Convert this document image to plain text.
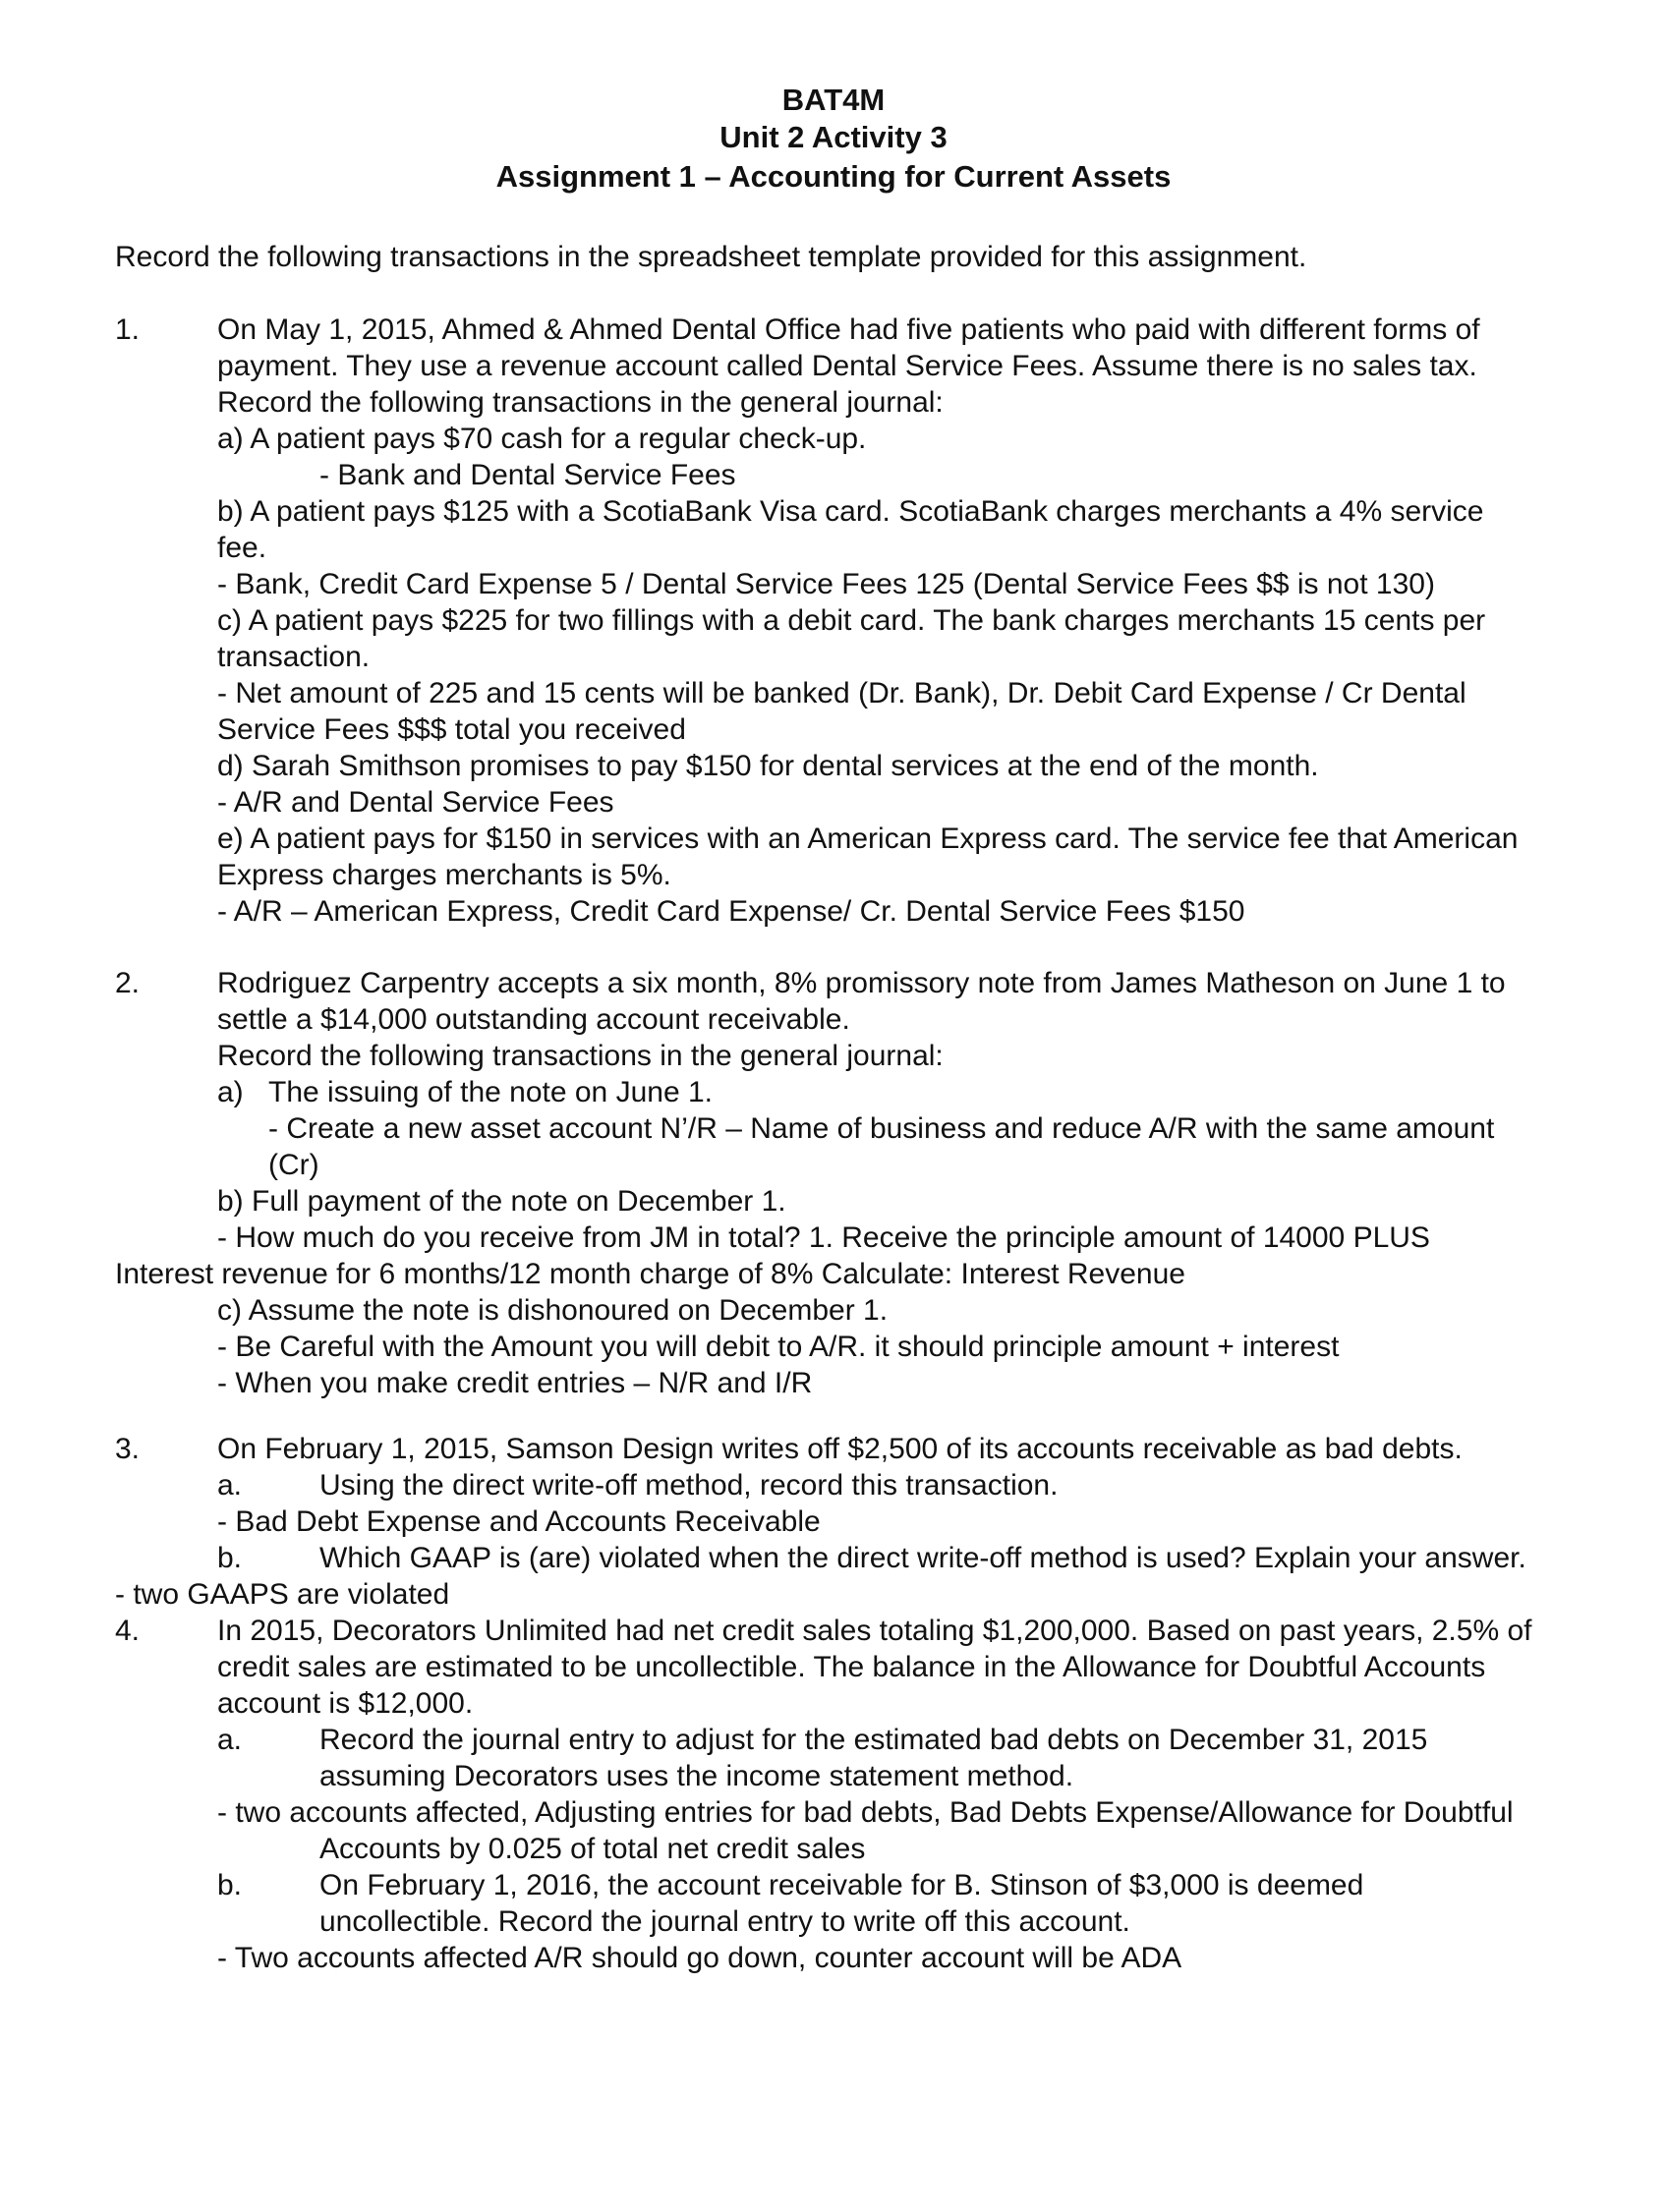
BAT4M
Unit 2 Activity 3
Assignment 1 – Accounting for Current Assets
Record the following transactions in the spreadsheet template provided for this assignment.
1.	On May 1, 2015, Ahmed & Ahmed Dental Office had five patients who paid with different forms of
payment. They use a revenue account called Dental Service Fees. Assume there is no sales tax.
Record the following transactions in the general journal:
a) A patient pays $70 cash for a regular check-up.
- Bank and Dental Service Fees
b) A patient pays $125 with a ScotiaBank Visa card. ScotiaBank charges merchants a 4% service
fee.
- Bank, Credit Card Expense 5 / Dental Service Fees 125 (Dental Service Fees $$ is not 130)
c) A patient pays $225 for two fillings with a debit card. The bank charges merchants 15 cents per
transaction.
- Net amount of 225 and 15 cents will be banked (Dr. Bank), Dr. Debit Card Expense / Cr Dental
Service Fees $$$ total you received
d) Sarah Smithson promises to pay $150 for dental services at the end of the month.
- A/R and Dental Service Fees
e) A patient pays for $150 in services with an American Express card. The service fee that American
Express charges merchants is 5%.
- A/R – American Express, Credit Card Expense/ Cr. Dental Service Fees $150
2.	Rodriguez Carpentry accepts a six month, 8% promissory note from James Matheson on June 1 to
settle a $14,000 outstanding account receivable.
Record the following transactions in the general journal:
a) The issuing of the note on June 1.
- Create a new asset account N’/R – Name of business and reduce A/R with the same amount
(Cr)
b) Full payment of the note on December 1.
- How much do you receive from JM in total? 1. Receive the principle amount of 14000 PLUS
Interest revenue for 6 months/12 month charge of 8% Calculate: Interest Revenue
c) Assume the note is dishonoured on December 1.
- Be Careful with the Amount you will debit to A/R. it should principle amount + interest
- When you make credit entries – N/R and I/R
3.	On February 1, 2015, Samson Design writes off $2,500 of its accounts receivable as bad debts.
a.	Using the direct write-off method, record this transaction.
- Bad Debt Expense and Accounts Receivable
b.	Which GAAP is (are) violated when the direct write-off method is used? Explain your answer.
- two GAAPS are violated
4.	In 2015, Decorators Unlimited had net credit sales totaling $1,200,000. Based on past years, 2.5% of
credit sales are estimated to be uncollectible. The balance in the Allowance for Doubtful Accounts
account is $12,000.
a.	Record the journal entry to adjust for the estimated bad debts on December 31, 2015
assuming Decorators uses the income statement method.
- two accounts affected, Adjusting entries for bad debts, Bad Debts Expense/Allowance for Doubtful
Accounts by 0.025 of total net credit sales
b.	On February 1, 2016, the account receivable for B. Stinson of $3,000 is deemed
uncollectible. Record the journal entry to write off this account.
- Two accounts affected A/R should go down, counter account will be ADA
